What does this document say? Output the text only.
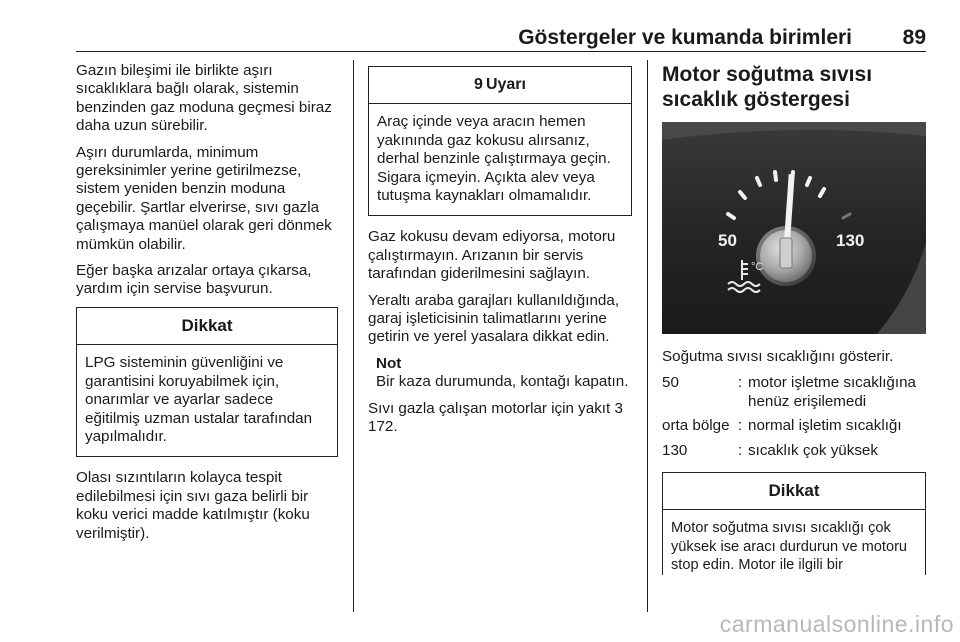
Göstergeler ve kumanda birimleri 89

Gazın bileşimi ile birlikte aşırı sıcaklıklara bağlı olarak, sistemin benzinden gaz moduna geçmesi biraz daha uzun sürebilir.

Aşırı durumlarda, minimum gereksinimler yerine getirilmezse, sistem yeniden benzin moduna geçebilir. Şartlar elverirse, sıvı gazla çalışmaya manüel olarak geri dönmek mümkün olabilir.

Eğer başka arızalar ortaya çıkarsa, yardım için servise başvurun.

Dikkat
LPG sisteminin güvenliğini ve garantisini koruyabilmek için, onarımlar ve ayarlar sadece eğitilmiş uzman ustalar tarafından yapılmalıdır.

Olası sızıntıların kolayca tespit edilebilmesi için sıvı gaza belirli bir koku verici madde katılmıştır (koku verilmiştir).

9 Uyarı
Araç içinde veya aracın hemen yakınında gaz kokusu alırsanız, derhal benzinle çalıştırmaya geçin. Sigara içmeyin. Açıkta alev veya tutuşma kaynakları olmamalıdır.

Gaz kokusu devam ediyorsa, motoru çalıştırmayın. Arızanın bir servis tarafından giderilmesini sağlayın.

Yeraltı araba garajları kullanıldığında, garaj işleticisinin talimatlarını yerine getirin ve yerel yasalara dikkat edin.

Not
Bir kaza durumunda, kontağı kapatın.

Sıvı gazla çalışan motorlar için yakıt 3 172.

Motor soğutma sıvısı
sıcaklık göstergesi
50	130
°C

Soğutma sıvısı sıcaklığını gösterir.

50	:	motor işletme sıcaklığına henüz erişilemedi
orta bölge	:	normal işletim sıcaklığı
130	:	sıcaklık çok yüksek
Dikkat
Motor soğutma sıvısı sıcaklığı çok yüksek ise aracı durdurun ve motoru stop edin. Motor ile ilgili bir
carmanualsonline.info
